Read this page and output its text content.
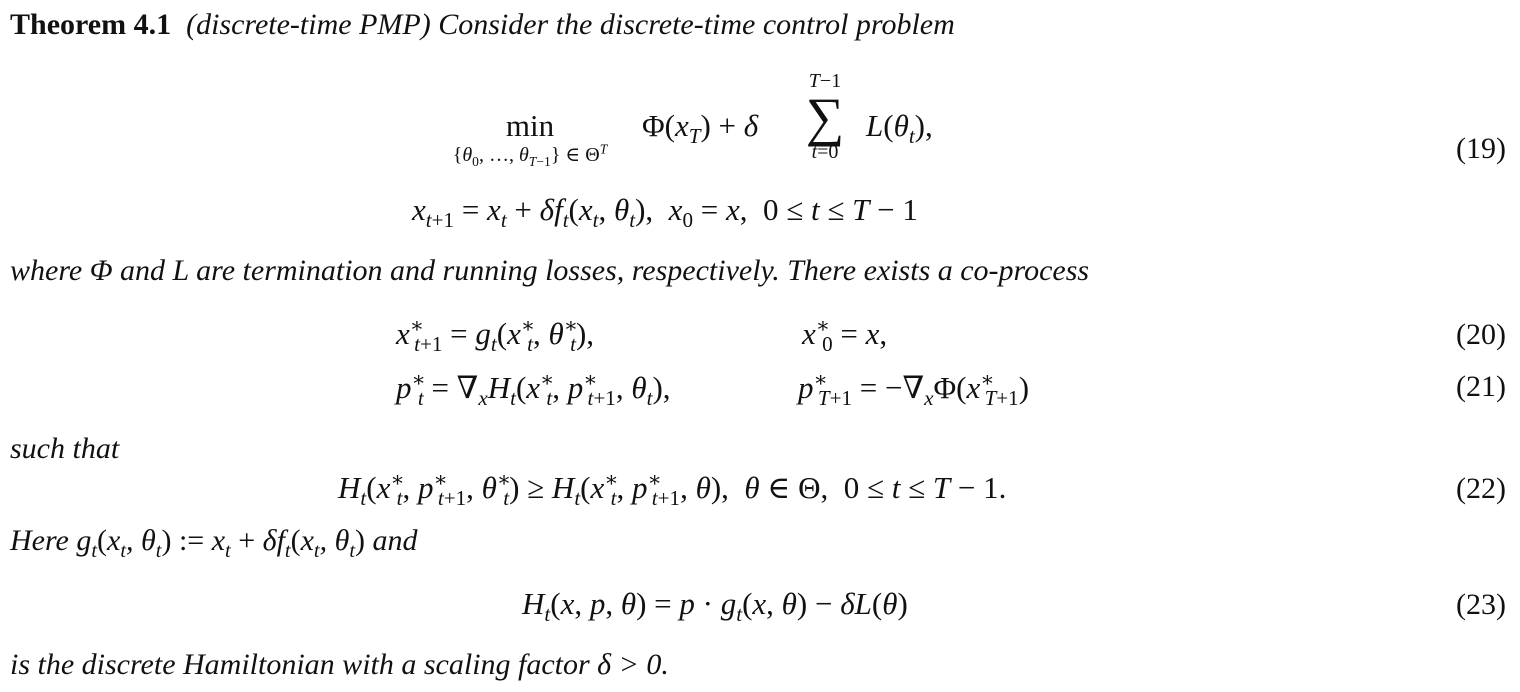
Theorem 4.1 (discrete-time PMP) Consider the discrete-time control problem
min
{$\theta_0$, …, $\theta_{T-1}$} ∈ $\Theta^T$
$\Phi(x_T) + \delta$
T−1
∑
t=0
$L(\theta_t)$,
$x_{t+1} = x_t + \delta f_t(x_t$, $\theta_t$),  $x_0 = x$,  0 ≤ t ≤ T − 1
(19)
where Φ and L are termination and running losses, respectively. There exists a co-process
$x^∗_{t+1} = g_t(x^∗_t$, $\theta^∗_t$),	$x^∗_0 = x$,	(20)
$p^∗_t = \nabla_xH_t(x^∗_t$, $p^∗_{t+1}$, $\theta_t$),	$p^∗_{T+1} = -\nabla_x\Phi(x^∗_{T+1})$	(21)
such that
$H_t(x^∗_t$, $p^∗_{t+1}$, $\theta^∗_t) \ge H_t(x^∗_t$, $p^∗_{t+1}$, θ),  θ ∈ Θ,  0 ≤ t ≤ T − 1.	(22)
Here $g_t(x_t$, $\theta_t$) := $x_t + \delta f_t(x_t$, $\theta_t$) and
$H_t(x$, p, $\theta) = p \cdot g_t(x$, θ) − δL(θ)	(23)
is the discrete Hamiltonian with a scaling factor δ > 0.
